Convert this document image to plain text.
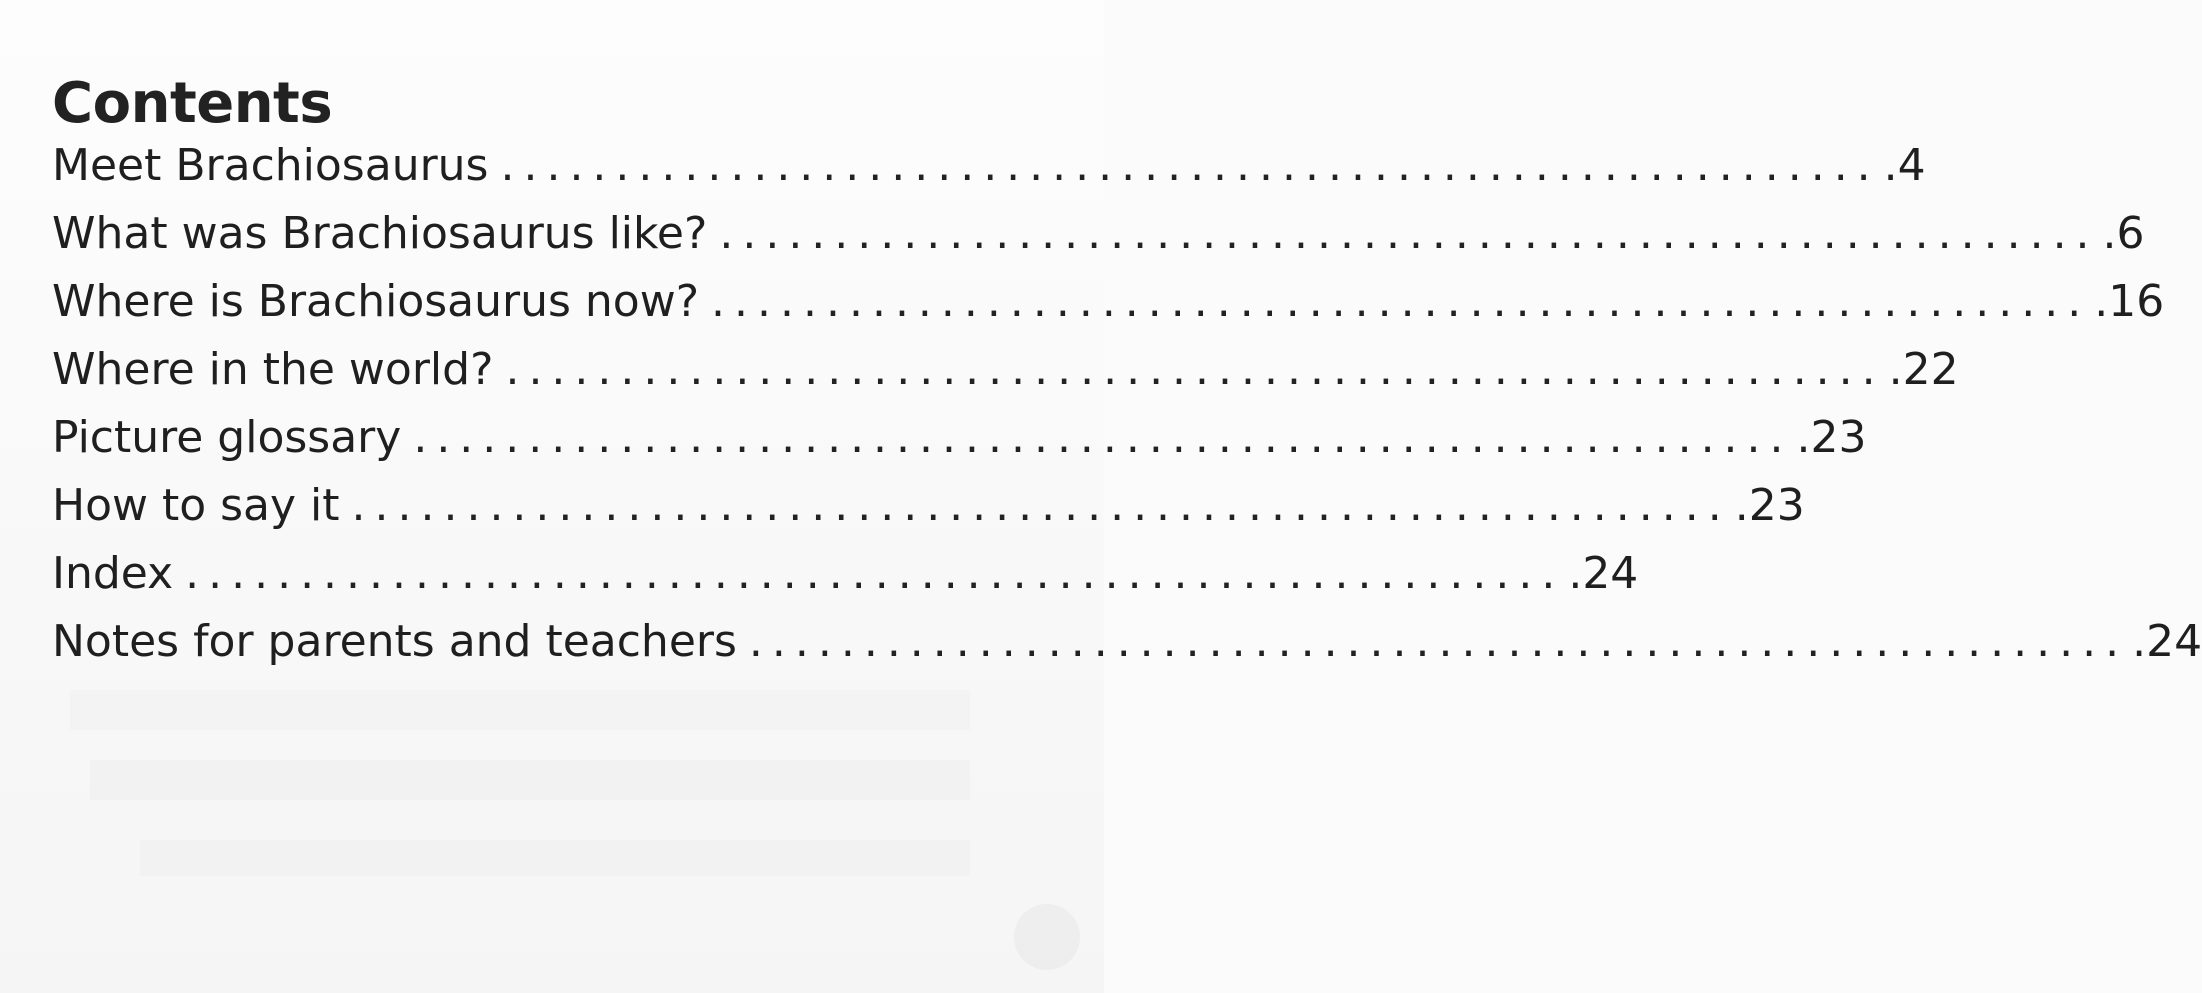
Contents
Meet Brachiosaurus ............................................................ .4
What was Brachiosaurus like? ............................................................ .6
Where is Brachiosaurus now? ............................................................ .16
Where in the world? ............................................................ .22
Picture glossary ............................................................ .23
How to say it ............................................................ .23
Index ............................................................ .24
Notes for parents and teachers ............................................................ .24
